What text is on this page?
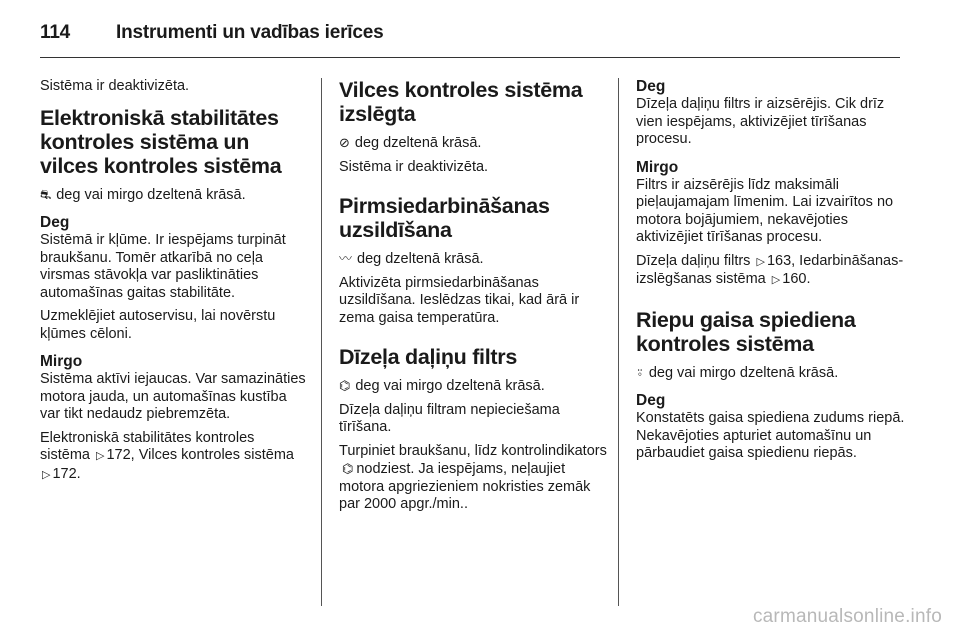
114 Instrumenti un vadības ierīces

Sistēma ir deaktivizēta.

Elektroniskā stabilitātes kontroles sistēma un vilces kontroles sistēma

⛐ deg vai mirgo dzeltenā krāsā.

Deg

Sistēmā ir kļūme. Ir iespējams turpināt braukšanu. Tomēr atkarībā no ceļa virsmas stāvokļa var pasliktināties automašīnas gaitas stabilitāte.

Uzmeklējiet autoservisu, lai novērstu kļūmes cēloni.

Mirgo

Sistēma aktīvi iejaucas. Var samazināties motora jauda, un automašīnas kustība var tikt nedaudz piebremzēta.

Elektroniskā stabilitātes kontroles sistēma ▷ 172, Vilces kontroles sistēma ▷ 172.

Vilces kontroles sistēma izslēgta

⊘ deg dzeltenā krāsā.

Sistēma ir deaktivizēta.

Pirmsiedarbināšanas uzsildīšana

〰 deg dzeltenā krāsā.

Aktivizēta pirmsiedarbināšanas uzsildīšana. Ieslēdzas tikai, kad ārā ir zema gaisa temperatūra.

Dīzeļa daļiņu filtrs

⌬ deg vai mirgo dzeltenā krāsā.

Dīzeļa daļiņu filtram nepieciešama tīrīšana.

Turpiniet braukšanu, līdz kontrolindikators ⌬ nodziest. Ja iespējams, neļaujiet motora apgriezieniem nokristies zemāk par 2000 apgr./min..

Deg

Dīzeļa daļiņu filtrs ir aizsērējis. Cik drīz vien iespējams, aktivizējiet tīrīšanas procesu.

Mirgo

Filtrs ir aizsērējis līdz maksimāli pieļaujamajam līmenim. Lai izvairītos no motora bojājumiem, nekavējoties aktivizējiet tīrīšanas procesu.

Dīzeļa daļiņu filtrs ▷ 163, Iedarbināšanas-izslēgšanas sistēma ▷ 160.

Riepu gaisa spiediena kontroles sistēma

⍤ deg vai mirgo dzeltenā krāsā.

Deg

Konstatēts gaisa spiediena zudums riepā. Nekavējoties apturiet automašīnu un pārbaudiet gaisa spiedienu riepās.

carmanualsonline.info
